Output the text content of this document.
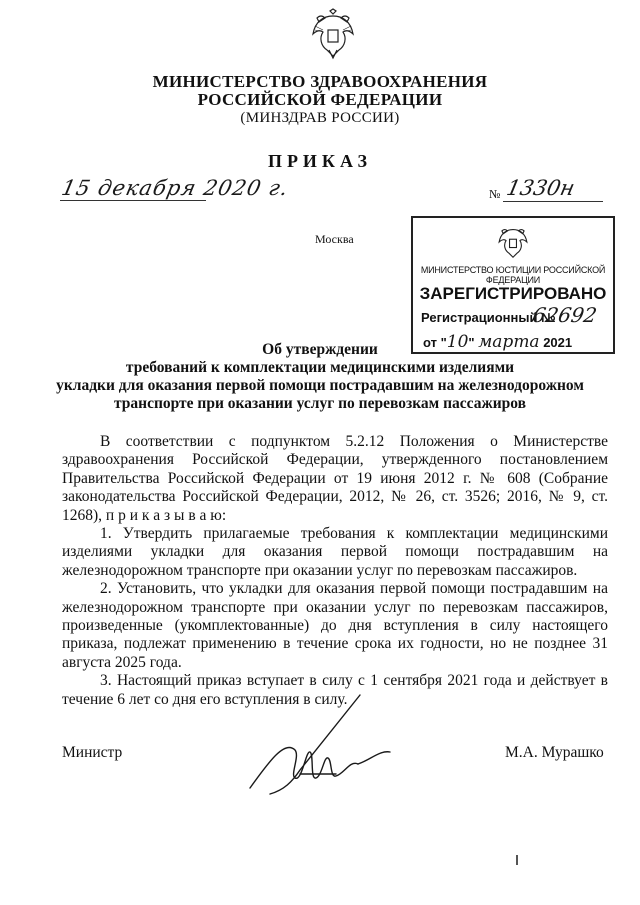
МИНИСТЕРСТВО ЗДРАВООХРАНЕНИЯ
РОССИЙСКОЙ ФЕДЕРАЦИИ
(МИНЗДРАВ РОССИИ)
ПРИКАЗ
15 декабря 2020 г.	№ 1330н
Москва
МИНИСТЕРСТВО ЮСТИЦИИ РОССИЙСКОЙ ФЕДЕРАЦИИ
ЗАРЕГИСТРИРОВАНО
Регистрационный №
62692
от "10" марта 2021
Об утверждении
требований к комплектации медицинскими изделиями
укладки для оказания первой помощи пострадавшим на железнодорожном
транспорте при оказании услуг по перевозкам пассажиров

В соответствии с подпунктом 5.2.12 Положения о Министерстве здравоохранения Российской Федерации, утвержденного постановлением Правительства Российской Федерации от 19 июня 2012 г. № 608 (Собрание законодательства Российской Федерации, 2012, № 26, ст. 3526; 2016, № 9, ст. 1268), п р и к а з ы в а ю:

1. Утвердить прилагаемые требования к комплектации медицинскими изделиями укладки для оказания первой помощи пострадавшим на железнодорожном транспорте при оказании услуг по перевозкам пассажиров.

2. Установить, что укладки для оказания первой помощи пострадавшим на железнодорожном транспорте при оказании услуг по перевозкам пассажиров, произведенные (укомплектованные) до дня вступления в силу настоящего приказа, подлежат применению в течение срока их годности, но не позднее 31 августа 2025 года.

3. Настоящий приказ вступает в силу с 1 сентября 2021 года и действует в течение 6 лет со дня его вступления в силу.

Министр	М.А. Мурашко
